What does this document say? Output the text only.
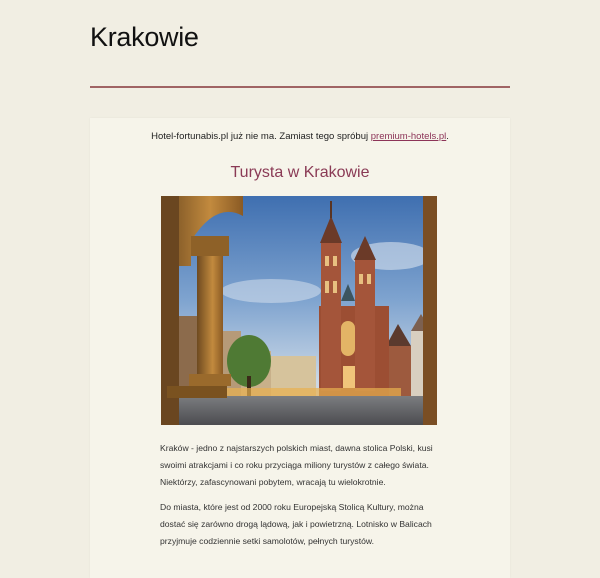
Krakowie

Hotel-fortunabis.pl już nie ma. Zamiast tego spróbuj premium-hotels.pl.

Turysta w Krakowie

Kraków - jedno z najstarszych polskich miast, dawna stolica Polski, kusi swoimi atrakcjami i co roku przyciąga miliony turystów z całego świata. Niektórzy, zafascynowani pobytem, wracają tu wielokrotnie.

Do miasta, które jest od 2000 roku Europejską Stolicą Kultury, można dostać się zarówno drogą lądową, jak i powietrzną. Lotnisko w Balicach przyjmuje codziennie setki samolotów, pełnych turystów.
